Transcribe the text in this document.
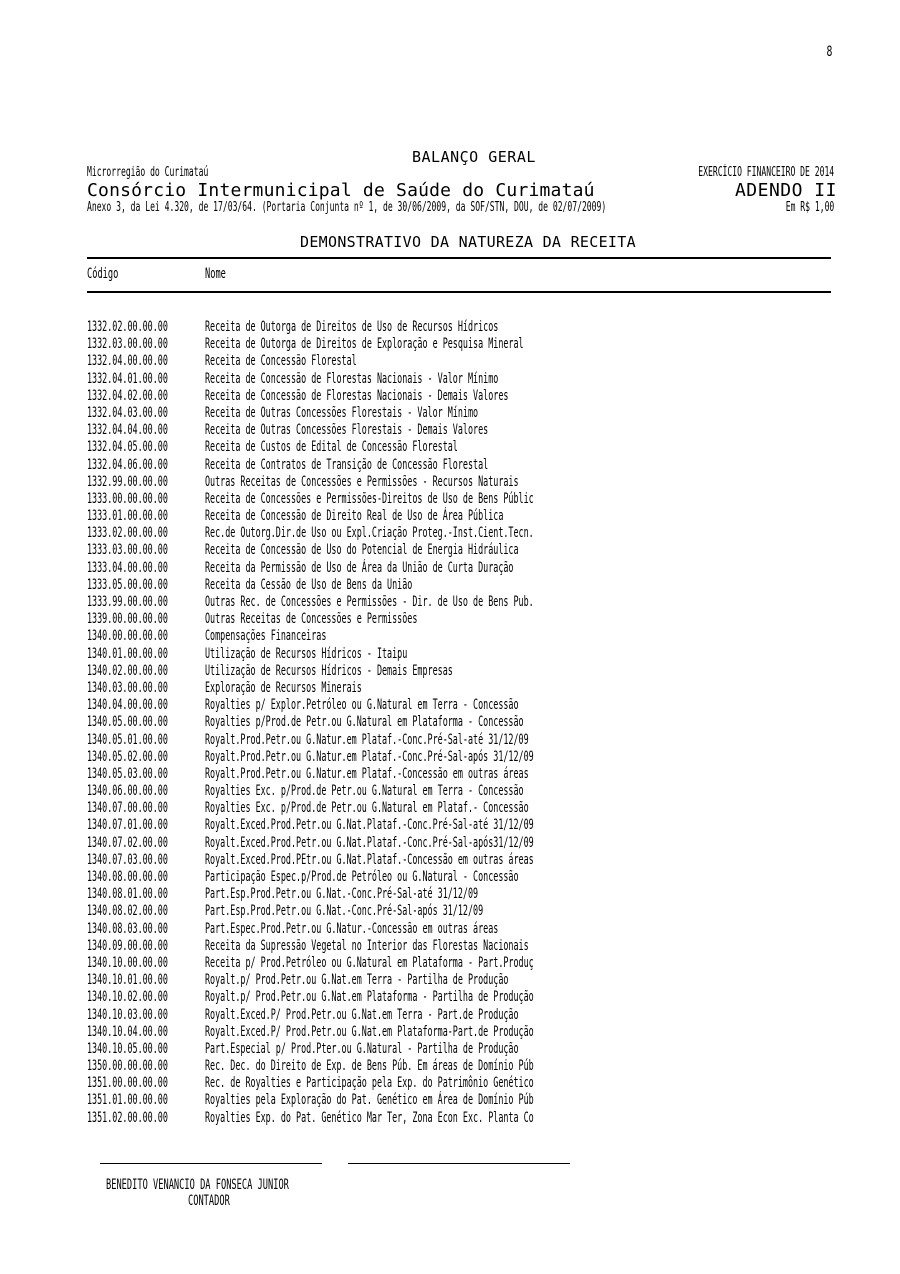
8
BALANÇO GERAL
Microrregião do Curimataú	EXERCÍCIO FINANCEIRO DE 2014
Consórcio Intermunicipal de Saúde do Curimataú	ADENDO II
Anexo 3, da Lei 4.320, de 17/03/64. (Portaria Conjunta nº 1, de 30/06/2009, da SOF/STN, DOU, de 02/07/2009)	Em R$ 1,00
DEMONSTRATIVO DA NATUREZA DA RECEITA
Código	Nome
1332.02.00.00.00	Receita de Outorga de Direitos de Uso de Recursos Hídricos
1332.03.00.00.00	Receita de Outorga de Direitos de Exploração e Pesquisa Mineral
1332.04.00.00.00	Receita de Concessão Florestal
1332.04.01.00.00	Receita de Concessão de Florestas Nacionais - Valor Mínimo
1332.04.02.00.00	Receita de Concessão de Florestas Nacionais - Demais Valores
1332.04.03.00.00	Receita de Outras Concessões Florestais - Valor Mínimo
1332.04.04.00.00	Receita de Outras Concessões Florestais - Demais Valores
1332.04.05.00.00	Receita de Custos de Edital de Concessão Florestal
1332.04.06.00.00	Receita de Contratos de Transição de Concessão Florestal
1332.99.00.00.00	Outras Receitas de Concessões e Permissões - Recursos Naturais
1333.00.00.00.00	Receita de Concessões e Permissões-Direitos de Uso de Bens Públic
1333.01.00.00.00	Receita de Concessão de Direito Real de Uso de Área Pública
1333.02.00.00.00	Rec.de Outorg.Dir.de Uso ou Expl.Criação Proteg.-Inst.Cient.Tecn.
1333.03.00.00.00	Receita de Concessão de Uso do Potencial de Energia Hidráulica
1333.04.00.00.00	Receita da Permissão de Uso de Área da União de Curta Duração
1333.05.00.00.00	Receita da Cessão de Uso de Bens da União
1333.99.00.00.00	Outras Rec. de Concessões e Permissões - Dir. de Uso de Bens Pub.
1339.00.00.00.00	Outras Receitas de Concessões e Permissões
1340.00.00.00.00	Compensações Financeiras
1340.01.00.00.00	Utilização de Recursos Hídricos - Itaipu
1340.02.00.00.00	Utilização de Recursos Hídricos - Demais Empresas
1340.03.00.00.00	Exploração de Recursos Minerais
1340.04.00.00.00	Royalties p/ Explor.Petróleo ou G.Natural em Terra - Concessão
1340.05.00.00.00	Royalties p/Prod.de Petr.ou G.Natural em Plataforma - Concessão
1340.05.01.00.00	Royalt.Prod.Petr.ou G.Natur.em Plataf.-Conc.Pré-Sal-até 31/12/09
1340.05.02.00.00	Royalt.Prod.Petr.ou G.Natur.em Plataf.-Conc.Pré-Sal-após 31/12/09
1340.05.03.00.00	Royalt.Prod.Petr.ou G.Natur.em Plataf.-Concessão em outras áreas
1340.06.00.00.00	Royalties Exc. p/Prod.de Petr.ou G.Natural em Terra - Concessão
1340.07.00.00.00	Royalties Exc. p/Prod.de Petr.ou G.Natural em Plataf.- Concessão
1340.07.01.00.00	Royalt.Exced.Prod.Petr.ou G.Nat.Plataf.-Conc.Pré-Sal-até 31/12/09
1340.07.02.00.00	Royalt.Exced.Prod.Petr.ou G.Nat.Plataf.-Conc.Pré-Sal-após31/12/09
1340.07.03.00.00	Royalt.Exced.Prod.PEtr.ou G.Nat.Plataf.-Concessão em outras áreas
1340.08.00.00.00	Participação Espec.p/Prod.de Petróleo ou G.Natural - Concessão
1340.08.01.00.00	Part.Esp.Prod.Petr.ou G.Nat.-Conc.Pré-Sal-até 31/12/09
1340.08.02.00.00	Part.Esp.Prod.Petr.ou G.Nat.-Conc.Pré-Sal-após 31/12/09
1340.08.03.00.00	Part.Espec.Prod.Petr.ou G.Natur.-Concessão em outras áreas
1340.09.00.00.00	Receita da Supressão Vegetal no Interior das Florestas Nacionais
1340.10.00.00.00	Receita p/ Prod.Petróleo ou G.Natural em Plataforma - Part.Produç
1340.10.01.00.00	Royalt.p/ Prod.Petr.ou G.Nat.em Terra - Partilha de Produção
1340.10.02.00.00	Royalt.p/ Prod.Petr.ou G.Nat.em Plataforma - Partilha de Produção
1340.10.03.00.00	Royalt.Exced.P/ Prod.Petr.ou G.Nat.em Terra - Part.de Produção
1340.10.04.00.00	Royalt.Exced.P/ Prod.Petr.ou G.Nat.em Plataforma-Part.de Produção
1340.10.05.00.00	Part.Especial p/ Prod.Pter.ou G.Natural - Partilha de Produção
1350.00.00.00.00	Rec. Dec. do Direito de Exp. de Bens Púb. Em áreas de Domínio Púb
1351.00.00.00.00	Rec. de Royalties e Participação pela Exp. do Patrimônio Genético
1351.01.00.00.00	Royalties pela Exploração do Pat. Genético em Área de Domínio Púb
1351.02.00.00.00	Royalties Exp. do Pat. Genético Mar Ter, Zona Econ Exc. Planta Co
BENEDITO VENANCIO DA FONSECA JUNIOR
CONTADOR
